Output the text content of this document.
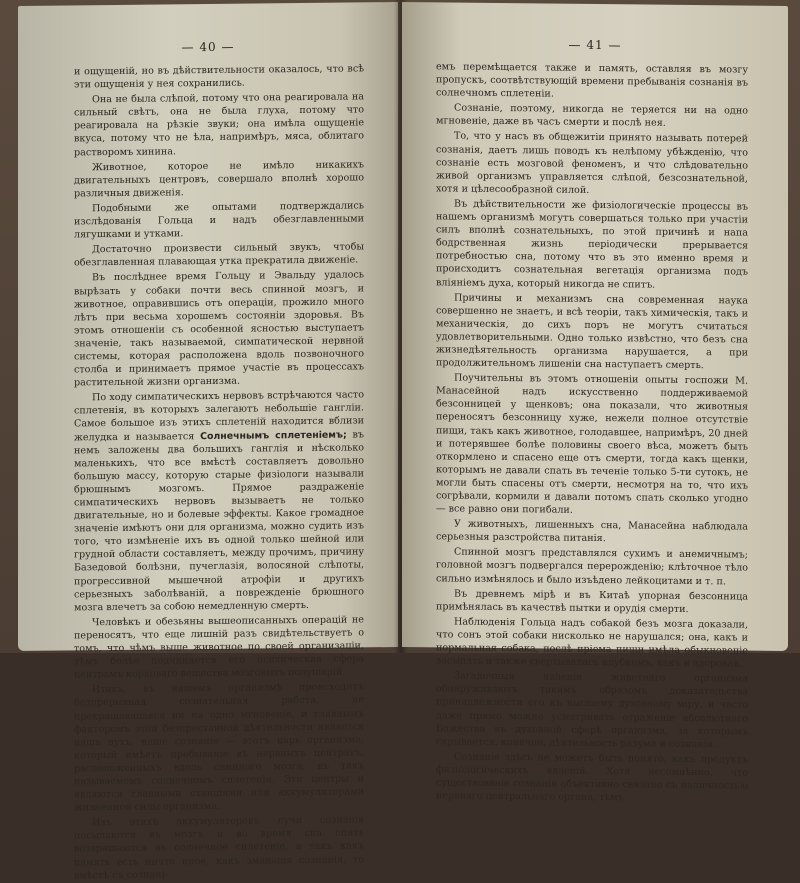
— 40 —

и ощущеній, но въ дѣйствительности оказалось, что всѣ эти ощущенія у нея сохранились.

Она не была слѣпой, потому что она реагировала на сильный свѣтъ, она не была глуха, потому что реагировала на рѣзкіе звуки; она имѣла ощущеніе вкуса, потому что не ѣла, напримѣръ, мяса, облитаго растворомъ хинина.

Животное, которое не имѣло никакихъ двигательныхъ центровъ, совершало вполнѣ хорошо различныя движенія.

Подобными же опытами подтверждались изслѣдованія Гольца и надъ обезглавленными лягушками и утками.

Достаточно произвести сильный звукъ, чтобы обезглавленная плавающая утка прекратила движеніе.

Въ послѣднее время Гольцу и Эвальду удалось вырѣзать у собаки почти весь спинной мозгъ, и животное, оправившись отъ операціи, прожило много лѣтъ при весьма хорошемъ состояніи здоровья. Въ этомъ отношеніи съ особенной ясностью выступаетъ значеніе, такъ называемой, симпатической нервной системы, которая расположена вдоль позвоночного столба и принимаетъ прямое участіе въ процессахъ растительной жизни организма.

По ходу симпатическихъ нервовъ встрѣчаются часто сплетенія, въ которыхъ залегаютъ небольшіе гангліи. Самое большое изъ этихъ сплетеній находится вблизи желудка и называется Солнечнымъ сплетеніемъ; въ немъ заложены два большихъ ганглія и нѣсколько маленькихъ, что все вмѣстѣ составляетъ довольно большую массу, которую старые физіологи называли брюшнымъ мозгомъ. Прямое раздраженіе симпатическихъ нервовъ вызываетъ не только двигательные, но и болевые эффекты. Какое громадное значеніе имѣютъ они для организма, можно судить изъ того, что измѣненіе ихъ въ одной только шейной или грудной области составляетъ, между прочимъ, причину Базедовой болѣзни, пучеглазія, волосяной слѣпоты, прогрессивной мышечной атрофіи и другихъ серьезныхъ заболѣваній, а поврежденіе брюшного мозга влечетъ за собою немедленную смерть.

Человѣкъ и обезьяны вышеописанныхъ операцій не переносятъ, что еще лишній разъ свидѣтельствуетъ о томъ, что чѣмъ выше животное по своей организаціи, тѣмъ болѣе подчиняется его психическая сфера центрамъ корковаго вещества мозговыхъ полушарій.

Итакъ, въ нашемъ организмѣ происходитъ безпрерывная сознательная работа, не прекращающаяся ни на одно мгновеніе, и главнымъ факторомъ этой безпрестанной дѣятельности является нашъ духъ, наше сознаніе — этотъ царь организма, который имѣетъ пребываніе въ нервныхъ центрахъ, расположенныхъ вдоль спинного мозга, въ такъ называемомъ солнечномъ сплетеніи. Эти центры и являются главными станціями или аккумуляторами жизненной силы организма.

Изъ этихъ аккумуляторовъ лучи сознанія посылаются въ мозгъ и во время сна опять возвращаются въ солнечное сплетеніе, а такъ какъ память есть ничто иное, какъ эманація сознанія, то вмѣстѣ съ сознані-

— 41 —

емъ перемѣщается также и память, оставляя въ мозгу пропускъ, соотвѣтствующій времени пребыванія сознанія въ солнечномъ сплетеніи.

Сознаніе, поэтому, никогда не теряется ни на одно мгновеніе, даже въ часъ смерти и послѣ нея.

То, что у насъ въ общежитіи принято называть потерей сознанія, даетъ лишь поводъ къ нелѣпому убѣжденію, что сознаніе есть мозговой феноменъ, и что слѣдовательно живой организмъ управляется слѣпой, безсознательной, хотя и цѣлесообразной силой.

Въ дѣйствительности же физіологическіе процессы въ нашемъ организмѣ могутъ совершаться только при участіи силъ вполнѣ сознательныхъ, по этой причинѣ и напа бодрственная жизнь періодически прерывается потребностью сна, потому что въ это именно время и происходитъ сознательная вегетація организма подъ вліяніемъ духа, который никогда не спитъ.

Причины и механизмъ сна современная наука совершенно не знаетъ, и всѣ теоріи, такъ химическія, такъ и механическія, до сихъ поръ не могутъ считаться удовлетворительными. Одно только извѣстно, что безъ сна жизнедѣятельность организма нарушается, а при продолжительномъ лишеніи сна наступаетъ смерть.

Поучительны въ этомъ отношеніи опыты госпожи М. Манасейной надъ искусственно поддерживаемой безсонницей у щенковъ; она показали, что животныя переносятъ безсонницу хуже, нежели полное отсутствіе пищи, такъ какъ животное, голодавшее, напримѣръ, 20 дней и потерявшее болѣе половины своего вѣса, можетъ быть откормлено и спасено еще отъ смерти, тогда какъ щенки, которымъ не давали спать въ теченіе только 5-ти сутокъ, не могли быть спасены отъ смерти, несмотря на то, что ихъ согрѣвали, кормили и давали потомъ спать сколько угодно — все равно они погибали.

У животныхъ, лишенныхъ сна, Манасейна наблюдала серьезныя разстройства питанія.

Спинной мозгъ представлялся сухимъ и анемичнымъ; головной мозгъ подвергался перерожденію; клѣточное тѣло сильно измѣнялось и было изъѣдено лейкоцитами и т. п.

Въ древнемъ мірѣ и въ Китаѣ упорная безсонница примѣнялась въ качествѣ пытки и орудія смерти.

Наблюденія Гольца надъ собакой безъ мозга доказали, что сонъ этой собаки нисколько не нарушался; она, какъ и нормальная собака, послѣ пріема пищи имѣла обыкновеніе засыпать и также свертывалась клубкомъ, какъ и здоровая.

Загадочныя явленія животнаго организма обнаруживаютъ такимъ образомъ доказательства принадлежности его къ высшему духовному міру, и часто даже прямо можно усматривать отраженіе абсолютнаго Божества въ духовной сферѣ организма, за которымъ скрывается, конечно, дѣятельность разума и сознанія.

Сознаніе здѣсь не можетъ быть понято, какъ продуктъ физіологическихъ явленій. Хотя несомнѣнно, что существованіе сознанія объективно связано съ наличностью нервнаго центральнаго органа, тѣмъ
